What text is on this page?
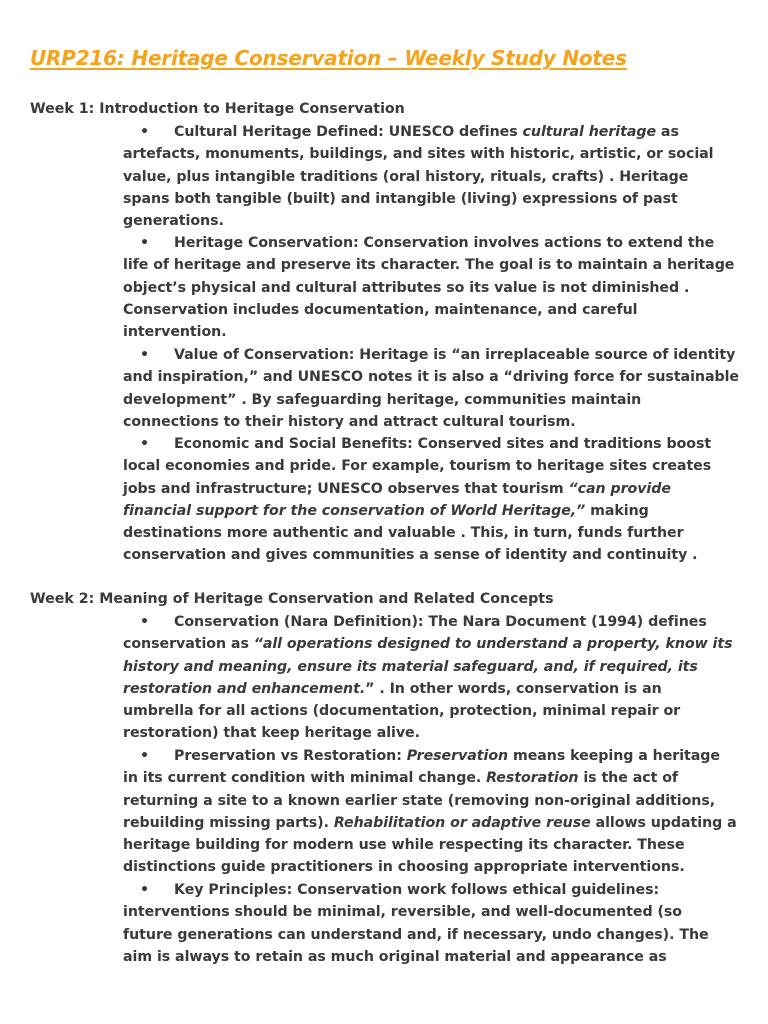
URP216: Heritage Conservation – Weekly Study Notes
Week 1: Introduction to Heritage Conservation
• Cultural Heritage Defined: UNESCO defines cultural heritage as
artefacts, monuments, buildings, and sites with historic, artistic, or social
value, plus intangible traditions (oral history, rituals, crafts) . Heritage
spans both tangible (built) and intangible (living) expressions of past
generations.
• Heritage Conservation: Conservation involves actions to extend the
life of heritage and preserve its character. The goal is to maintain a heritage
object’s physical and cultural attributes so its value is not diminished .
Conservation includes documentation, maintenance, and careful
intervention.
• Value of Conservation: Heritage is “an irreplaceable source of identity
and inspiration,” and UNESCO notes it is also a “driving force for sustainable
development” . By safeguarding heritage, communities maintain
connections to their history and attract cultural tourism.
• Economic and Social Benefits: Conserved sites and traditions boost
local economies and pride. For example, tourism to heritage sites creates
jobs and infrastructure; UNESCO observes that tourism “can provide
financial support for the conservation of World Heritage,” making
destinations more authentic and valuable . This, in turn, funds further
conservation and gives communities a sense of identity and continuity .
Week 2: Meaning of Heritage Conservation and Related Concepts
• Conservation (Nara Definition): The Nara Document (1994) defines
conservation as “all operations designed to understand a property, know its
history and meaning, ensure its material safeguard, and, if required, its
restoration and enhancement.” . In other words, conservation is an
umbrella for all actions (documentation, protection, minimal repair or
restoration) that keep heritage alive.
• Preservation vs Restoration: Preservation means keeping a heritage
in its current condition with minimal change. Restoration is the act of
returning a site to a known earlier state (removing non-original additions,
rebuilding missing parts). Rehabilitation or adaptive reuse allows updating a
heritage building for modern use while respecting its character. These
distinctions guide practitioners in choosing appropriate interventions.
• Key Principles: Conservation work follows ethical guidelines:
interventions should be minimal, reversible, and well-documented (so
future generations can understand and, if necessary, undo changes). The
aim is always to retain as much original material and appearance as
